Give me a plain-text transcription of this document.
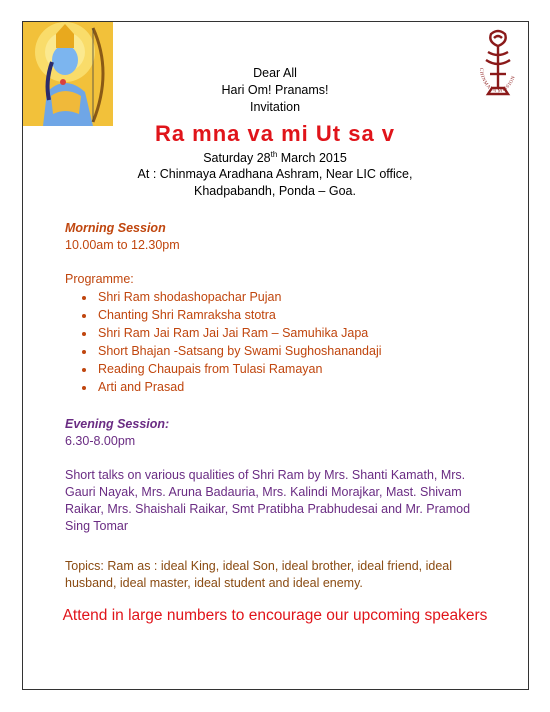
CHINMAYA MISSION
Dear All
Hari Om! Pranams!
Invitation
Ra mna va mi Ut sa v
Saturday 28th March 2015
At : Chinmaya Aradhana Ashram, Near LIC office,
Khadpabandh, Ponda – Goa.
Morning Session
10.00am to 12.30pm
Programme:
• Shri Ram shodashopachar Pujan
• Chanting Shri Ramraksha stotra
• Shri Ram Jai Ram Jai Jai Ram – Samuhika Japa
• Short Bhajan -Satsang by Swami Sughoshanandaji
• Reading Chaupais from Tulasi Ramayan
• Arti and Prasad
Evening Session:
6.30-8.00pm
Short talks on various qualities of Shri Ram by Mrs. Shanti Kamath, Mrs. Gauri Nayak, Mrs. Aruna Badauria, Mrs. Kalindi Morajkar, Mast. Shivam Raikar, Mrs. Shaishali Raikar, Smt Pratibha Prabhudesai and Mr. Pramod Sing Tomar
Topics: Ram as : ideal King, ideal Son, ideal brother, ideal friend, ideal husband, ideal master, ideal student and ideal enemy.
Attend in large numbers to encourage our upcoming speakers
